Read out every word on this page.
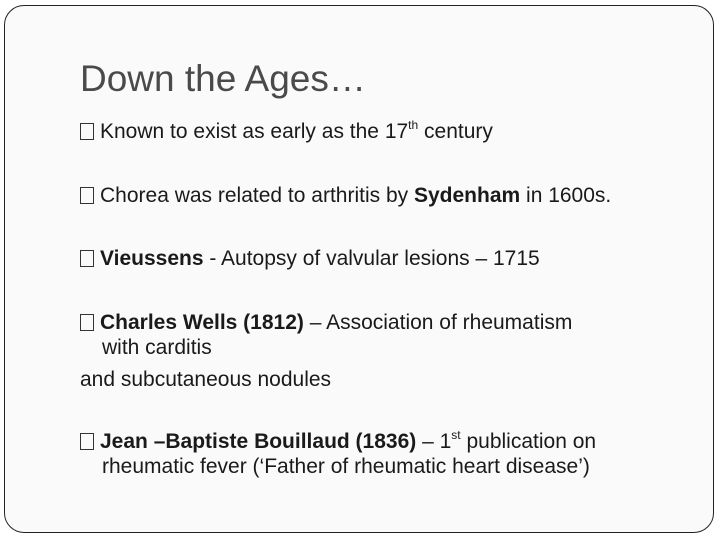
Down the Ages…
Known to exist as early as the 17th century
Chorea was related to arthritis by Sydenham in 1600s.
Vieussens - Autopsy of valvular lesions – 1715
Charles Wells (1812) – Association of rheumatism
with carditis
and subcutaneous nodules
Jean –Baptiste Bouillaud (1836) – 1st publication on
rheumatic fever (‘Father of rheumatic heart disease’)
